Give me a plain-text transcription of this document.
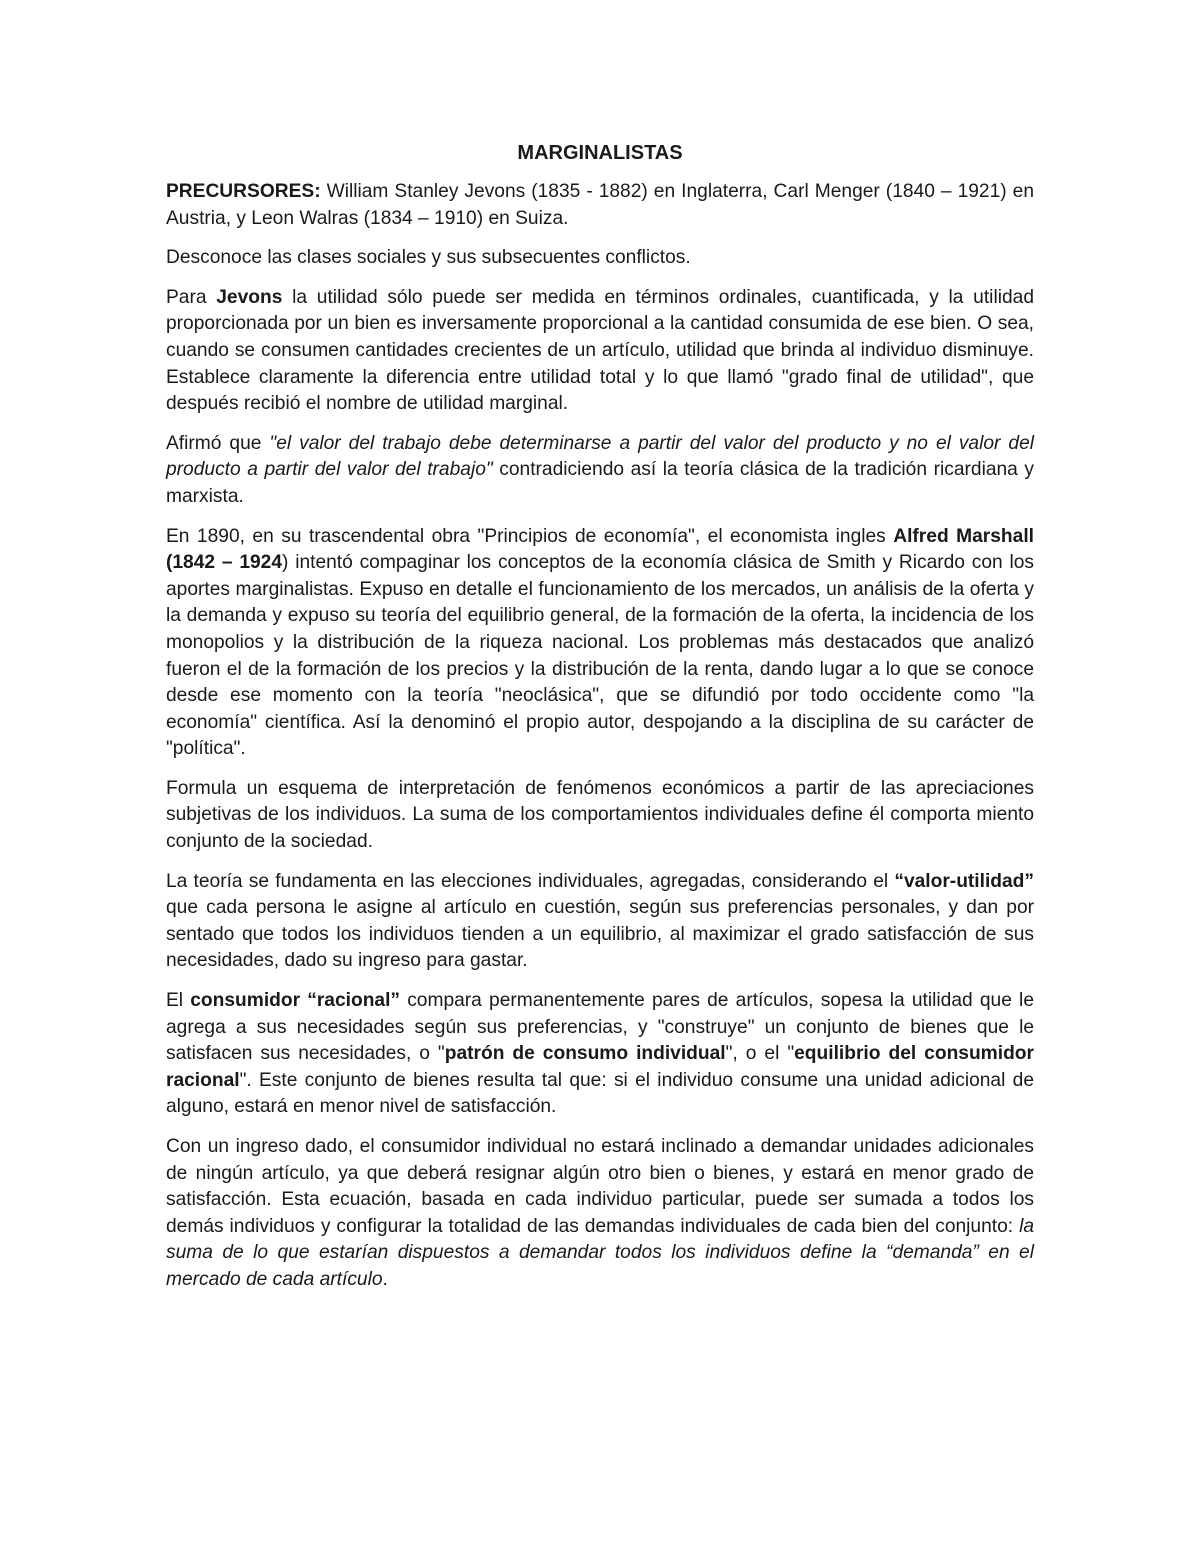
MARGINALISTAS

PRECURSORES: William Stanley Jevons (1835 - 1882) en Inglaterra, Carl Menger (1840 – 1921) en Austria, y Leon Walras (1834 – 1910) en Suiza.

Desconoce las clases sociales y sus subsecuentes conflictos.

Para Jevons la utilidad sólo puede ser medida en términos ordinales, cuantificada, y la utilidad proporcionada por un bien es inversamente proporcional a la cantidad consumida de ese bien. O sea, cuando se consumen cantidades crecientes de un artículo, utilidad que brinda al individuo disminuye. Establece claramente la diferencia entre utilidad total y lo que llamó "grado final de utilidad", que después recibió el nombre de utilidad marginal.

Afirmó que "el valor del trabajo debe determinarse a partir del valor del producto y no el valor del producto a partir del valor del trabajo" contradiciendo así la teoría clásica de la tradición ricardiana y marxista.

En 1890, en su trascendental obra "Principios de economía", el economista ingles Alfred Marshall (1842 – 1924) intentó compaginar los conceptos de la economía clásica de Smith y Ricardo con los aportes marginalistas. Expuso en detalle el funcionamiento de los mercados, un análisis de la oferta y la demanda y expuso su teoría del equilibrio general, de la formación de la oferta, la incidencia de los monopolios y la distribución de la riqueza nacional. Los problemas más destacados que analizó fueron el de la formación de los precios y la distribución de la renta, dando lugar a lo que se conoce desde ese momento con la teoría "neoclásica", que se difundió por todo occidente como "la economía" científica. Así la denominó el propio autor, despojando a la disciplina de su carácter de "política".

Formula un esquema de interpretación de fenómenos económicos a partir de las apreciaciones subjetivas de los individuos. La suma de los comportamientos individuales define él comporta miento conjunto de la sociedad.

La teoría se fundamenta en las elecciones individuales, agregadas, considerando el “valor-utilidad” que cada persona le asigne al artículo en cuestión, según sus preferencias personales, y dan por sentado que todos los individuos tienden a un equilibrio, al maximizar el grado satisfacción de sus necesidades, dado su ingreso para gastar.

El consumidor “racional” compara permanentemente pares de artículos, sopesa la utilidad que le agrega a sus necesidades según sus preferencias, y "construye" un conjunto de bienes que le satisfacen sus necesidades, o "patrón de consumo individual", o el "equilibrio del consumidor racional". Este conjunto de bienes resulta tal que: si el individuo consume una unidad adicional de alguno, estará en menor nivel de satisfacción.

Con un ingreso dado, el consumidor individual no estará inclinado a demandar unidades adicionales de ningún artículo, ya que deberá resignar algún otro bien o bienes, y estará en menor grado de satisfacción. Esta ecuación, basada en cada individuo particular, puede ser sumada a todos los demás individuos y configurar la totalidad de las demandas individuales de cada bien del conjunto: la suma de lo que estarían dispuestos a demandar todos los individuos define la “demanda” en el mercado de cada artículo.
